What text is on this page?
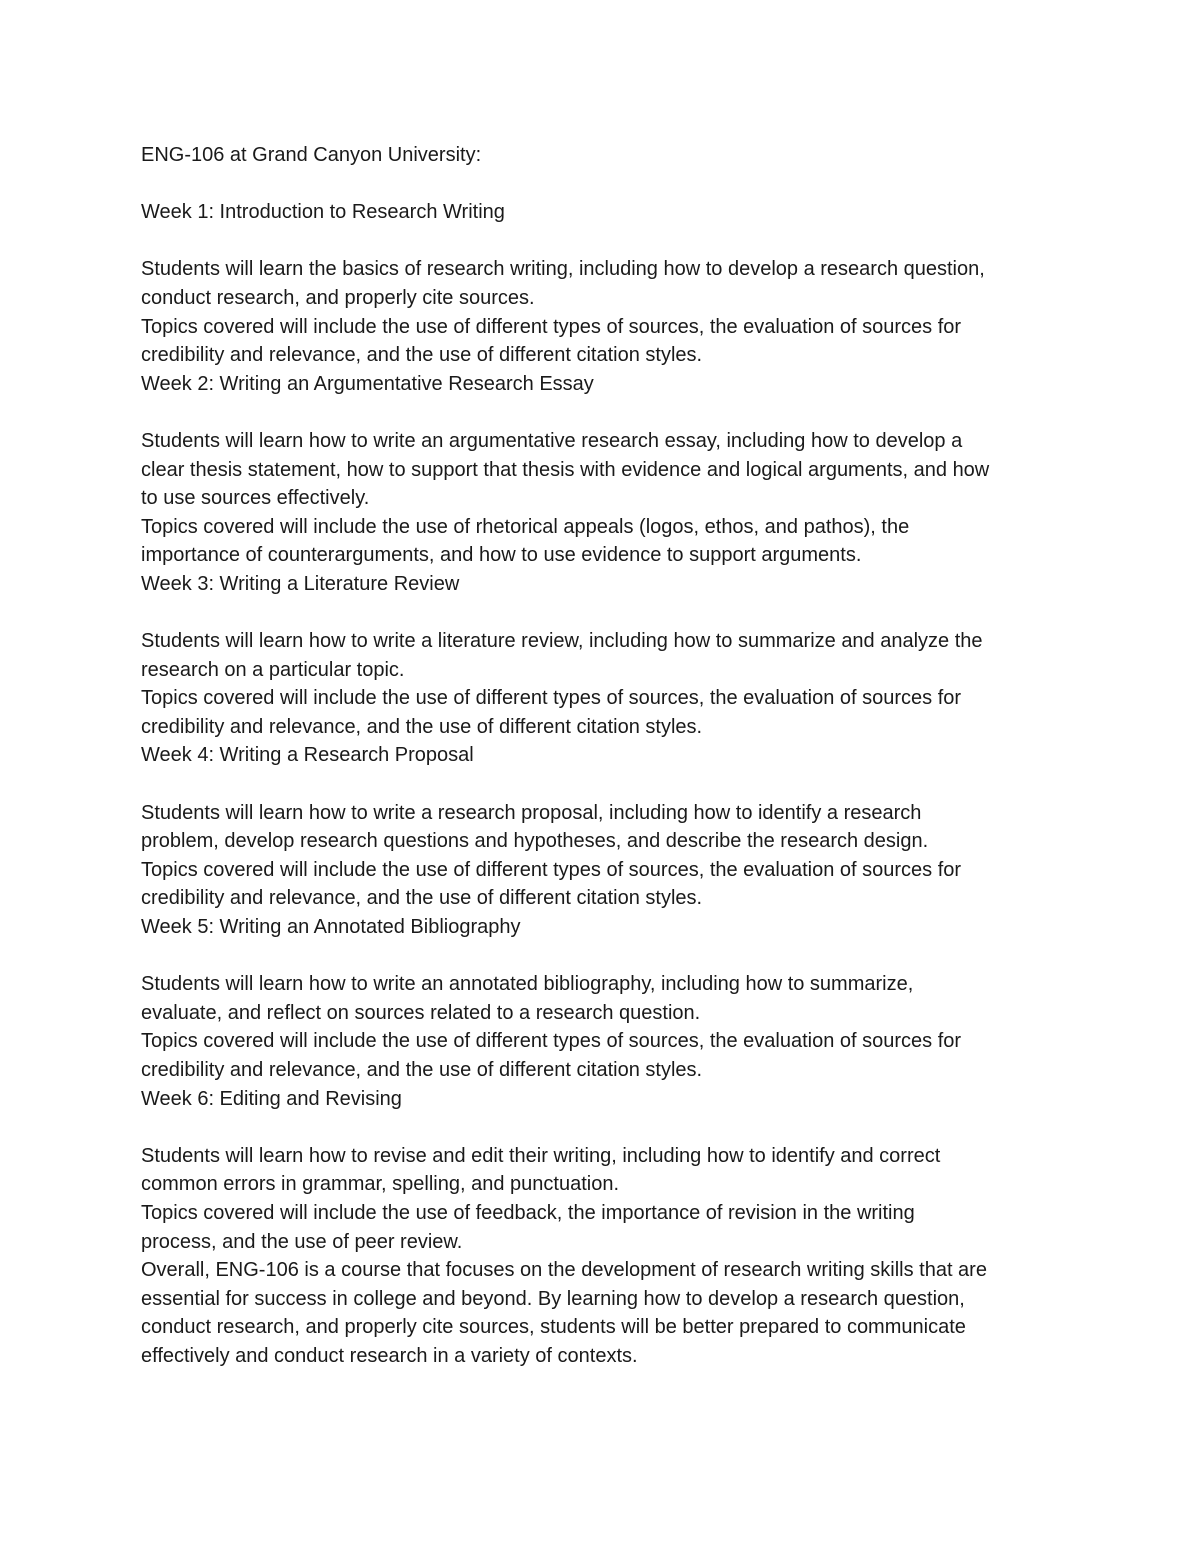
ENG-106 at Grand Canyon University:

Week 1: Introduction to Research Writing

Students will learn the basics of research writing, including how to develop a research question,

conduct research, and properly cite sources.

Topics covered will include the use of different types of sources, the evaluation of sources for

credibility and relevance, and the use of different citation styles.

Week 2: Writing an Argumentative Research Essay

Students will learn how to write an argumentative research essay, including how to develop a

clear thesis statement, how to support that thesis with evidence and logical arguments, and how

to use sources effectively.

Topics covered will include the use of rhetorical appeals (logos, ethos, and pathos), the

importance of counterarguments, and how to use evidence to support arguments.

Week 3: Writing a Literature Review

Students will learn how to write a literature review, including how to summarize and analyze the

research on a particular topic.

Topics covered will include the use of different types of sources, the evaluation of sources for

credibility and relevance, and the use of different citation styles.

Week 4: Writing a Research Proposal

Students will learn how to write a research proposal, including how to identify a research

problem, develop research questions and hypotheses, and describe the research design.

Topics covered will include the use of different types of sources, the evaluation of sources for

credibility and relevance, and the use of different citation styles.

Week 5: Writing an Annotated Bibliography

Students will learn how to write an annotated bibliography, including how to summarize,

evaluate, and reflect on sources related to a research question.

Topics covered will include the use of different types of sources, the evaluation of sources for

credibility and relevance, and the use of different citation styles.

Week 6: Editing and Revising

Students will learn how to revise and edit their writing, including how to identify and correct

common errors in grammar, spelling, and punctuation.

Topics covered will include the use of feedback, the importance of revision in the writing

process, and the use of peer review.

Overall, ENG-106 is a course that focuses on the development of research writing skills that are

essential for success in college and beyond. By learning how to develop a research question,

conduct research, and properly cite sources, students will be better prepared to communicate

effectively and conduct research in a variety of contexts.
